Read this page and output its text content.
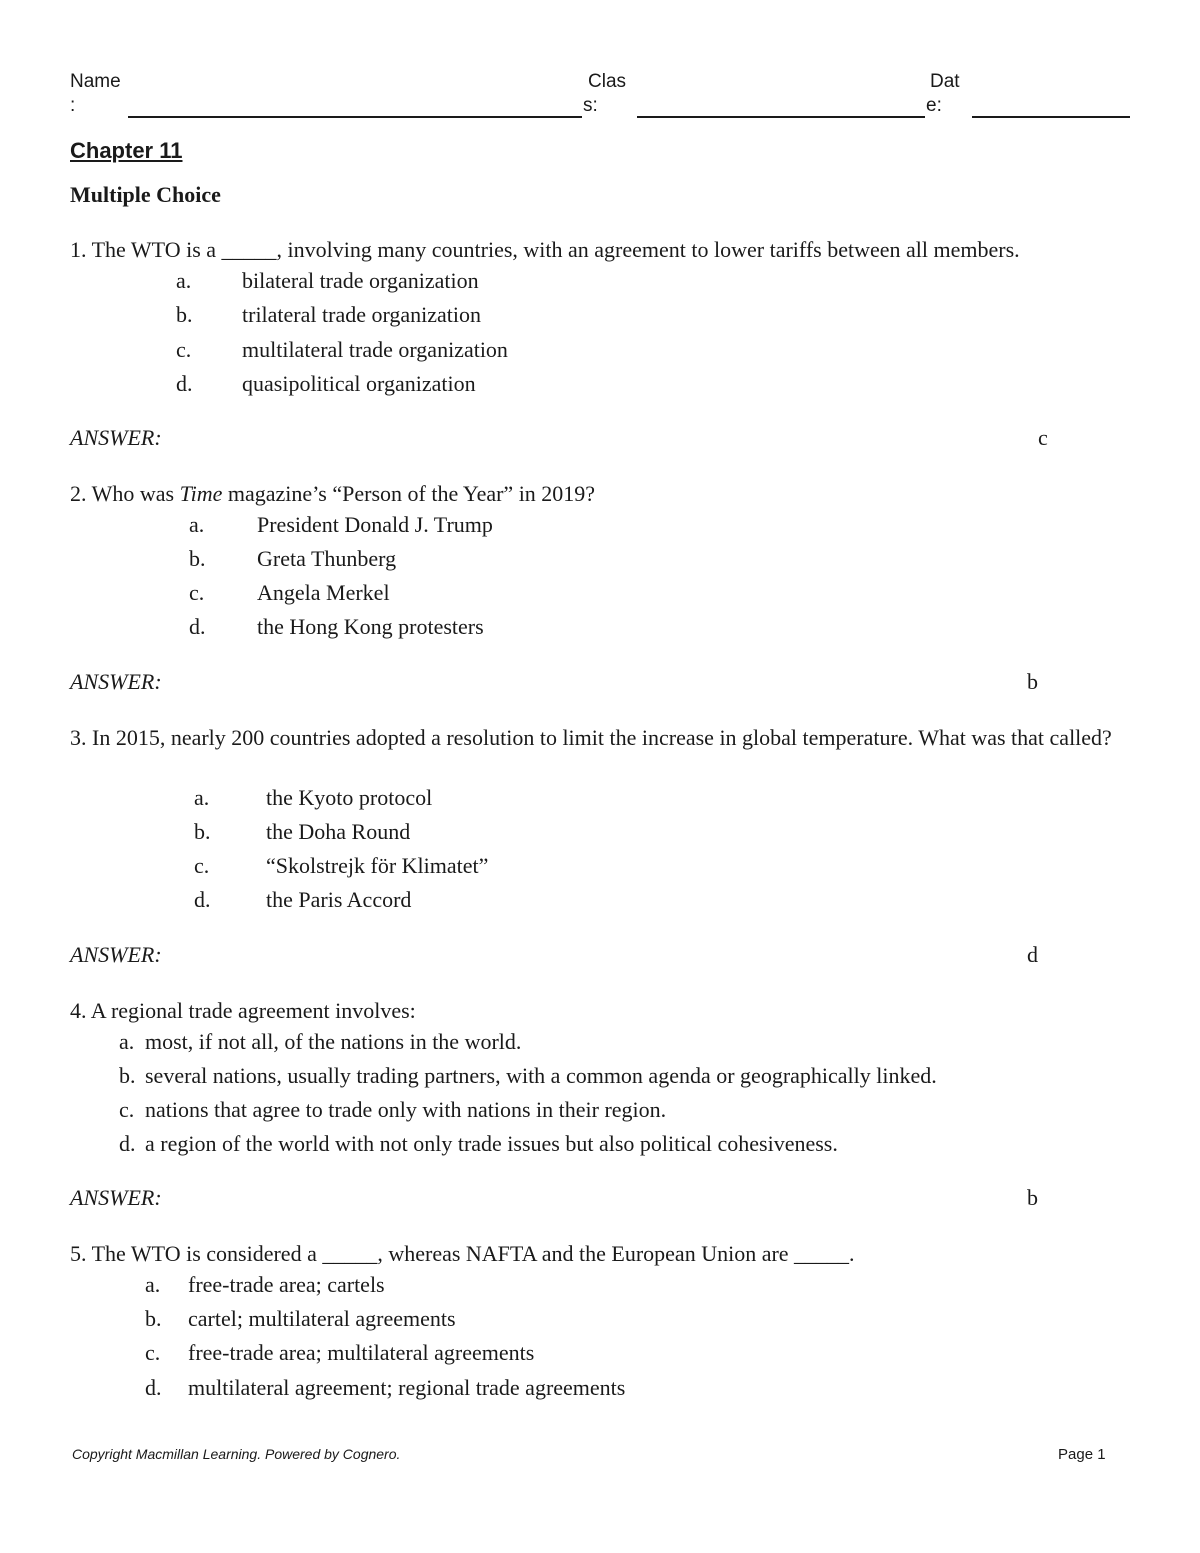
Name
:
Clas
s:
Dat
e:
Chapter 11
Multiple Choice
1. The WTO is a _____, involving many countries, with an agreement to lower tariffs between all members.
a. bilateral trade organization
b. trilateral trade organization
c. multilateral trade organization
d. quasipolitical organization
ANSWER:	c
2. Who was Time magazine’s “Person of the Year” in 2019?
a. President Donald J. Trump
b. Greta Thunberg
c. Angela Merkel
d. the Hong Kong protesters
ANSWER:	b
3. In 2015, nearly 200 countries adopted a resolution to limit the increase in global temperature. What was that called?
a.	the Kyoto protocol
b.	the Doha Round
c.	“Skolstrejk för Klimatet”
d.	the Paris Accord
ANSWER:	d
4. A regional trade agreement involves:
a. most, if not all, of the nations in the world.
b. several nations, usually trading partners, with a common agenda or geographically linked.
c. nations that agree to trade only with nations in their region.
d. a region of the world with not only trade issues but also political cohesiveness.
ANSWER:	b
5. The WTO is considered a _____, whereas NAFTA and the European Union are _____.
a. free-trade area; cartels
b. cartel; multilateral agreements
c. free-trade area; multilateral agreements
d. multilateral agreement; regional trade agreements
Copyright Macmillan Learning. Powered by Cognero.	Page 1
